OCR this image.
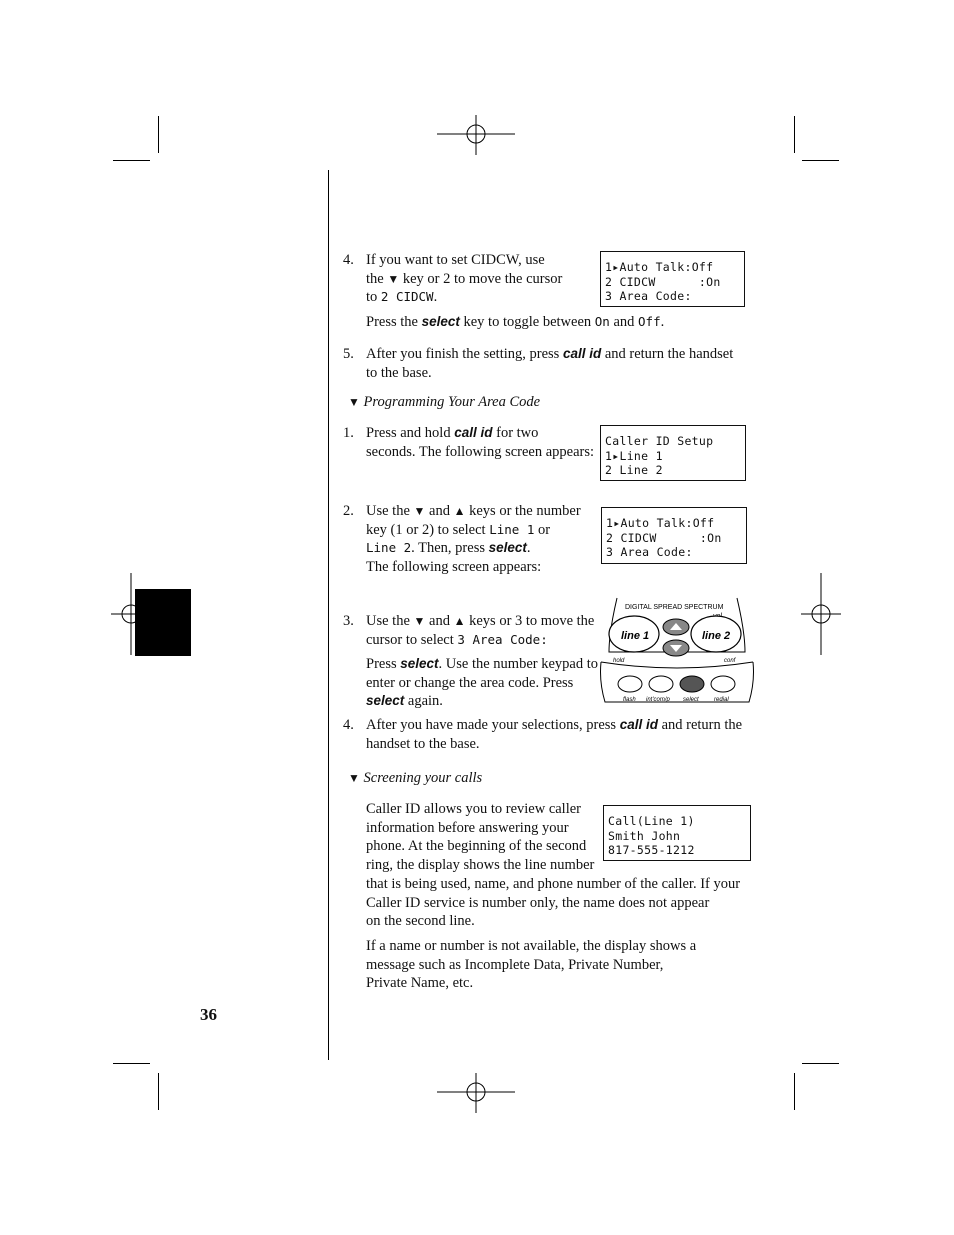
36
4. If you want to set CIDCW, use
the ▼ key or 2 to move the cursor
to 2 CIDCW.
Press the select key to toggle between On and Off.
1▸Auto Talk:Off
2 CIDCW      :On
3 Area Code:
5. After you finish the setting, press call id and return the handset
to the base.
▼ Programming Your Area Code
1. Press and hold call id for two
seconds. The following screen appears:
Caller ID Setup
1▸Line 1
2 Line 2
2. Use the ▼ and ▲ keys or the number
key (1 or 2) to select Line 1 or
Line 2. Then, press select.
The following screen appears:
1▸Auto Talk:Off
2 CIDCW      :On
3 Area Code:
3. Use the ▼ and ▲ keys or 3 to move the
cursor to select 3 Area Code:
Press select. Use the number keypad to
enter or change the area code. Press
select again.
DIGITAL SPREAD SPECTRUM
line 1	line 2
hold	conf
flash int'com/p select	redial
4. After you have made your selections, press call id and return the
handset to the base.
▼ Screening your calls
Caller ID allows you to review caller
information before answering your
phone. At the beginning of the second
ring, the display shows the line number
that is being used, name, and phone number of the caller. If your
Caller ID service is number only, the name does not appear
on the second line.
Call(Line 1)
Smith John
817-555-1212
If a name or number is not available, the display shows a
message such as Incomplete Data, Private Number,
Private Name, etc.
